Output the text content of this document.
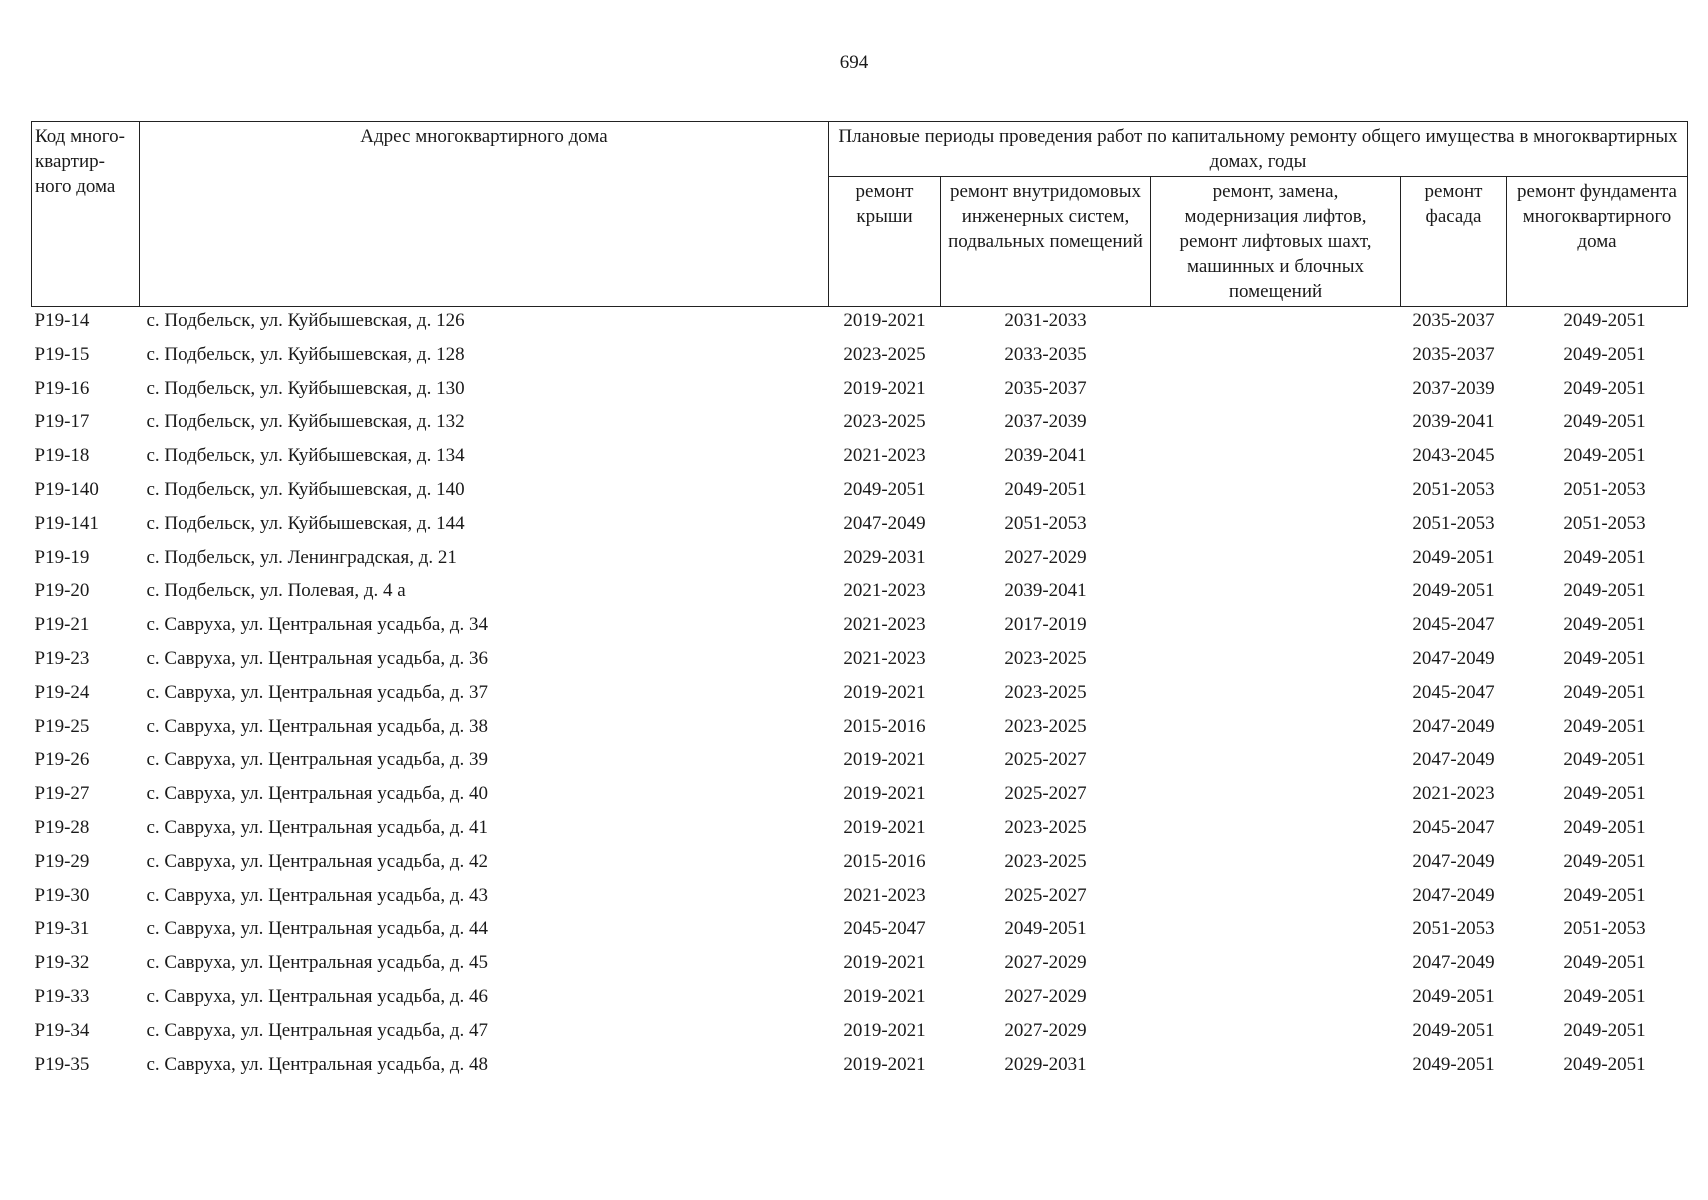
694
Код много-квартир-ного дома	Адрес многоквартирного дома	Плановые периоды проведения работ по капитальному ремонту общего имущества в многоквартирных домах, годы				
		ремонт крыши	ремонт внутридомовых инженерных систем, подвальных помещений	ремонт, замена, модернизация лифтов, ремонт лифтовых шахт, машинных и блочных помещений	ремонт фасада	ремонт фундамента многоквартирного дома
Р19-14	с. Подбельск, ул. Куйбышевская, д. 126	2019-2021	2031-2033		2035-2037	2049-2051
Р19-15	с. Подбельск, ул. Куйбышевская, д. 128	2023-2025	2033-2035		2035-2037	2049-2051
Р19-16	с. Подбельск, ул. Куйбышевская, д. 130	2019-2021	2035-2037		2037-2039	2049-2051
Р19-17	с. Подбельск, ул. Куйбышевская, д. 132	2023-2025	2037-2039		2039-2041	2049-2051
Р19-18	с. Подбельск, ул. Куйбышевская, д. 134	2021-2023	2039-2041		2043-2045	2049-2051
Р19-140	с. Подбельск, ул. Куйбышевская, д. 140	2049-2051	2049-2051		2051-2053	2051-2053
Р19-141	с. Подбельск, ул. Куйбышевская, д. 144	2047-2049	2051-2053		2051-2053	2051-2053
Р19-19	с. Подбельск, ул. Ленинградская, д. 21	2029-2031	2027-2029		2049-2051	2049-2051
Р19-20	с. Подбельск, ул. Полевая, д. 4 а	2021-2023	2039-2041		2049-2051	2049-2051
Р19-21	с. Савруха, ул. Центральная усадьба, д. 34	2021-2023	2017-2019		2045-2047	2049-2051
Р19-23	с. Савруха, ул. Центральная усадьба, д. 36	2021-2023	2023-2025		2047-2049	2049-2051
Р19-24	с. Савруха, ул. Центральная усадьба, д. 37	2019-2021	2023-2025		2045-2047	2049-2051
Р19-25	с. Савруха, ул. Центральная усадьба, д. 38	2015-2016	2023-2025		2047-2049	2049-2051
Р19-26	с. Савруха, ул. Центральная усадьба, д. 39	2019-2021	2025-2027		2047-2049	2049-2051
Р19-27	с. Савруха, ул. Центральная усадьба, д. 40	2019-2021	2025-2027		2021-2023	2049-2051
Р19-28	с. Савруха, ул. Центральная усадьба, д. 41	2019-2021	2023-2025		2045-2047	2049-2051
Р19-29	с. Савруха, ул. Центральная усадьба, д. 42	2015-2016	2023-2025		2047-2049	2049-2051
Р19-30	с. Савруха, ул. Центральная усадьба, д. 43	2021-2023	2025-2027		2047-2049	2049-2051
Р19-31	с. Савруха, ул. Центральная усадьба, д. 44	2045-2047	2049-2051		2051-2053	2051-2053
Р19-32	с. Савруха, ул. Центральная усадьба, д. 45	2019-2021	2027-2029		2047-2049	2049-2051
Р19-33	с. Савруха, ул. Центральная усадьба, д. 46	2019-2021	2027-2029		2049-2051	2049-2051
Р19-34	с. Савруха, ул. Центральная усадьба, д. 47	2019-2021	2027-2029		2049-2051	2049-2051
Р19-35	с. Савруха, ул. Центральная усадьба, д. 48	2019-2021	2029-2031		2049-2051	2049-2051
